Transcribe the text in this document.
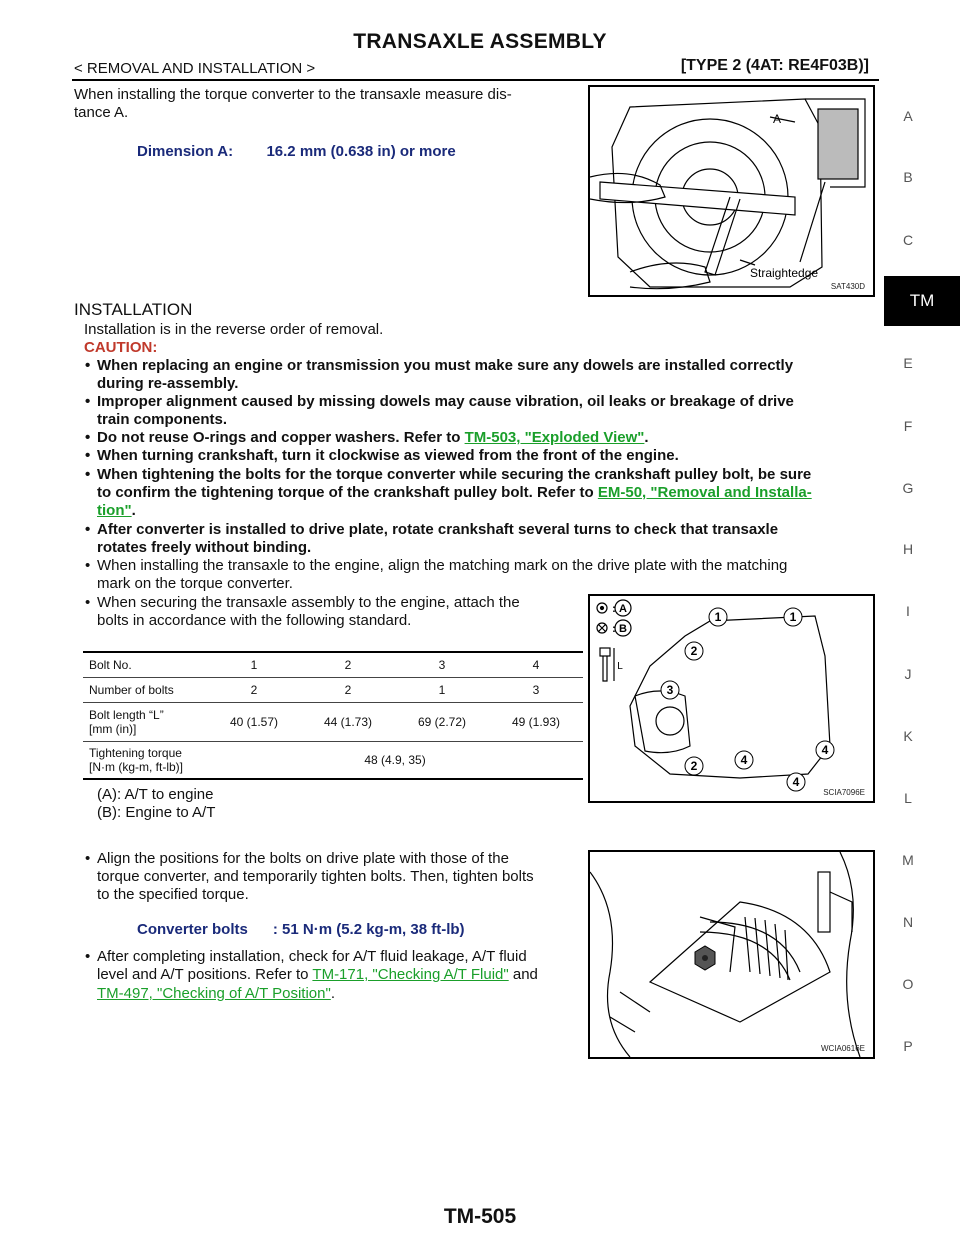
TRANSAXLE ASSEMBLY
< REMOVAL AND INSTALLATION >	[TYPE 2 (4AT: RE4F03B)]
A
B
C
TM
E
F
G
H
I
J
K
L
M
N
O
P
When installing the torque converter to the transaxle measure dis-
tance A.
Dimension A:        16.2 mm (0.638 in) or more
A
Straightedge
SAT430D
INSTALLATION
Installation is in the reverse order of removal.
CAUTION:
• When replacing an engine or transmission you must make sure any dowels are installed correctly
during re-assembly.
• Improper alignment caused by missing dowels may cause vibration, oil leaks or breakage of drive
train components.
• Do not reuse O-rings and copper washers. Refer to TM-503, "Exploded View".
• When turning crankshaft, turn it clockwise as viewed from the front of the engine.
• When tightening the bolts for the torque converter while securing the crankshaft pulley bolt, be sure
to confirm the tightening torque of the crankshaft pulley bolt. Refer to EM-50, "Removal and Installa-
tion".
• After converter is installed to drive plate, rotate crankshaft several turns to check that transaxle
rotates freely without binding.
• When installing the transaxle to the engine, align the matching mark on the drive plate with the matching
mark on the torque converter.
• When securing the transaxle assembly to the engine, attach the
bolts in accordance with the following standard.
Bolt No.	1	2	3	4
Number of bolts	2	2	1	3
Bolt length “L”
[mm (in)]	40 (1.57)	44 (1.73)	69 (2.72)	49 (1.93)
Tightening torque
[N·m (kg-m, ft-lb)]	48 (4.9, 35)			
(A): A/T to engine
(B): Engine to A/T
:
:
A
B
L
1	1
2
3
2	4
4
4
SCIA7096E
• Align the positions for the bolts on drive plate with those of the
torque converter, and temporarily tighten bolts. Then, tighten bolts
to the specified torque.
Converter bolts      : 51 N·m (5.2 kg-m, 38 ft-lb)
• After completing installation, check for A/T fluid leakage, A/T fluid
level and A/T positions. Refer to TM-171, "Checking A/T Fluid" and
TM-497, "Checking of A/T Position".
WCIA0616E
TM-505
